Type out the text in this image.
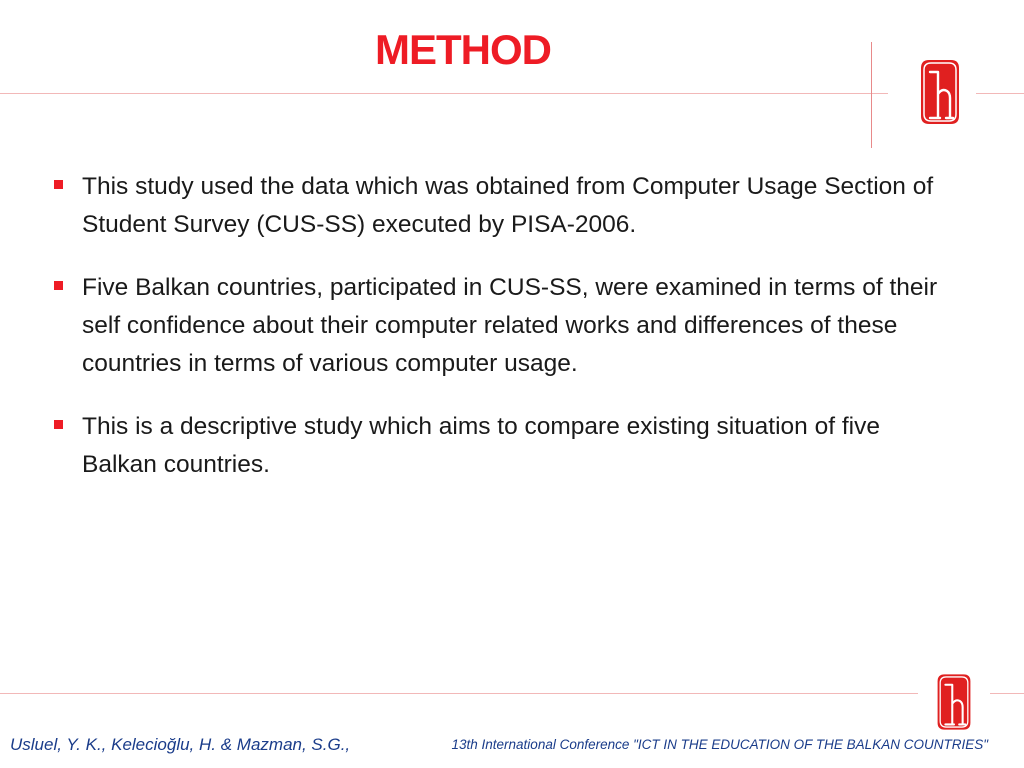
METHOD
This study used the data which was obtained from Computer Usage Section of Student Survey (CUS-SS) executed by PISA-2006.
Five Balkan countries, participated in CUS-SS, were examined in terms of their self confidence about their computer related works and differences of these countries in terms of various computer usage.
This is a descriptive study which aims to compare existing situation of five Balkan countries.
Usluel, Y. K., Kelecioğlu, H. & Mazman, S.G.,	13th International Conference "ICT IN THE EDUCATION OF THE BALKAN COUNTRIES"
